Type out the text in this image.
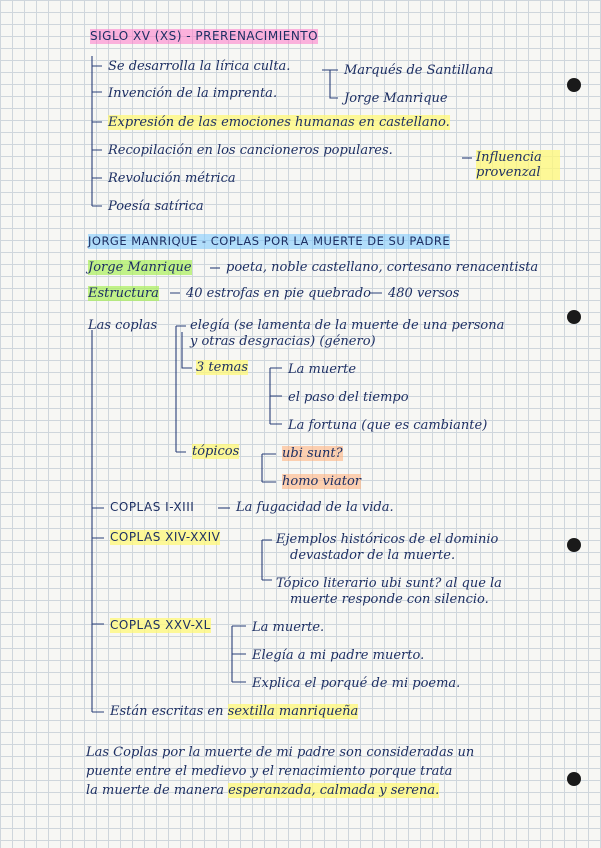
SIGLO XV (XS) - PRERENACIMIENTO
Se desarrolla la lírica culta.	Marqués de Santillana
Jorge Manrique
Invención de la imprenta.
Expresión de las emociones humanas en castellano.
Recopilación en los cancioneros populares.	Influencia provenzal
Revolución métrica
Poesía satírica
JORGE MANRIQUE - COPLAS POR LA MUERTE DE SU PADRE
Jorge Manrique	poeta, noble castellano, cortesano renacentista
Estructura 40 estrofas en pie quebrado 480 versos
Las coplas	elegía (se lamenta de la muerte de una persona
y otras desgracias) (género)
3 temas	La muerte
el paso del tiempo
La fortuna (que es cambiante)
tópicos	ubi sunt?
homo viator
COPLAS I-XIII	La fugacidad de la vida.
COPLAS XIV-XXIV	Ejemplos históricos de el dominio
devastador de la muerte.
Tópico literario ubi sunt? al que la
muerte responde con silencio.
COPLAS XXV-XL	La muerte.
Elegía a mi padre muerto.
Explica el porqué de mi poema.
Están escritas en sextilla manriqueña
Las Coplas por la muerte de mi padre son consideradas un
puente entre el medievo y el renacimiento porque trata
la muerte de manera esperanzada, calmada y serena.
